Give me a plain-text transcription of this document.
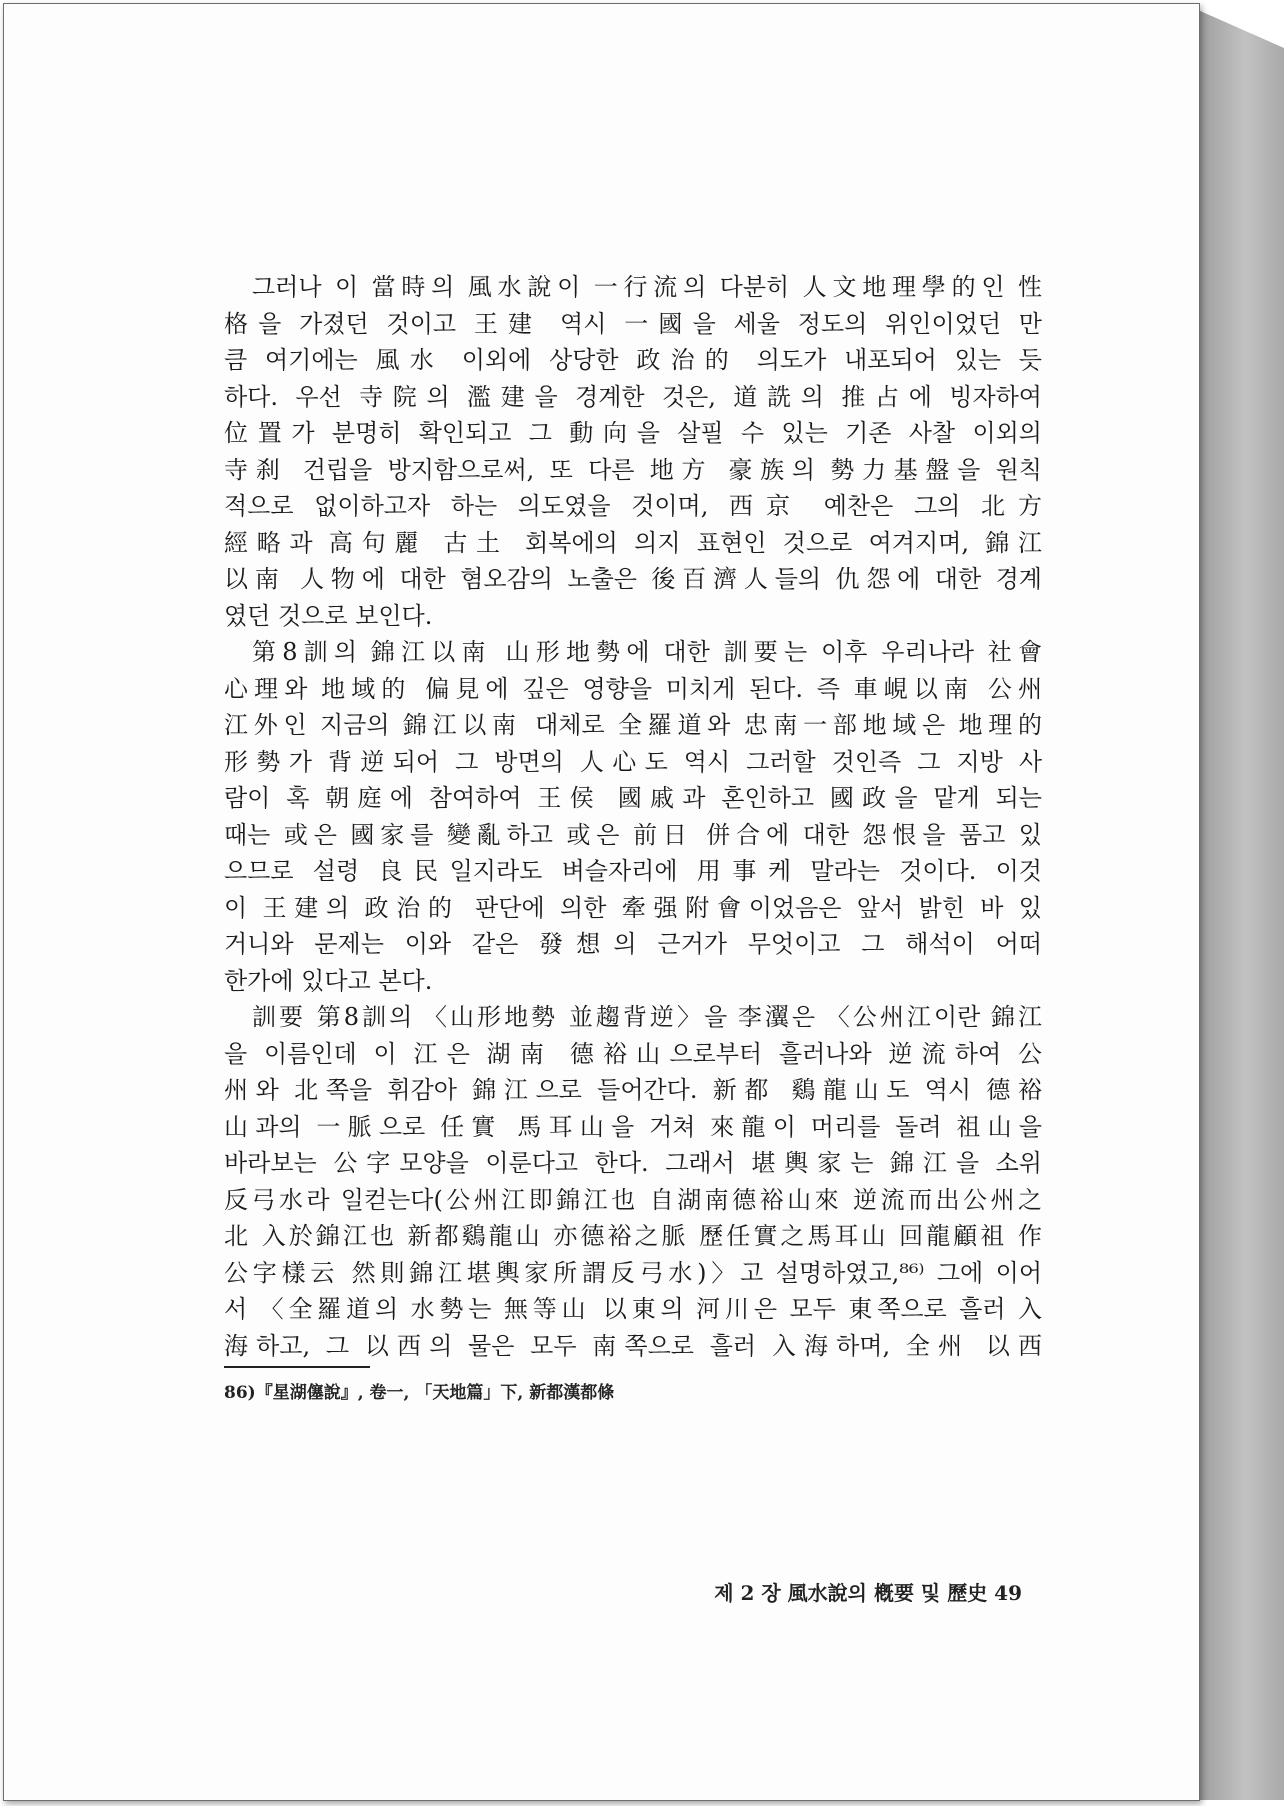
그러나 이 當時의 風水說이 一行流의 다분히 人文地理學的인 性

格을 가졌던 것이고 王建 역시 一國을 세울 정도의 위인이었던 만

큼 여기에는 風水 이외에 상당한 政治的 의도가 내포되어 있는 듯

하다. 우선 寺院의 濫建을 경계한 것은, 道詵의 推占에 빙자하여

位置가 분명히 확인되고 그 動向을 살필 수 있는 기존 사찰 이외의

寺刹 건립을 방지함으로써, 또 다른 地方 豪族의 勢力基盤을 원칙

적으로 없이하고자 하는 의도였을 것이며, 西京 예찬은 그의 北方

經略과 高句麗 古土 회복에의 의지 표현인 것으로 여겨지며, 錦江

以南 人物에 대한 혐오감의 노출은 後百濟人들의 仇怨에 대한 경계

였던 것으로 보인다.

第8訓의 錦江以南 山形地勢에 대한 訓要는 이후 우리나라 社會

心理와 地域的 偏見에 깊은 영향을 미치게 된다. 즉 車峴以南 公州

江外인 지금의 錦江以南 대체로 全羅道와 忠南一部地域은 地理的

形勢가 背逆되어 그 방면의 人心도 역시 그러할 것인즉 그 지방 사

람이 혹 朝庭에 참여하여 王侯 國戚과 혼인하고 國政을 맡게 되는

때는 或은 國家를 變亂하고 或은 前日 併合에 대한 怨恨을 품고 있

으므로 설령 良民일지라도 벼슬자리에 用事케 말라는 것이다. 이것

이 王建의 政治的 판단에 의한 牽强附會이었음은 앞서 밝힌 바 있

거니와 문제는 이와 같은 發想의 근거가 무엇이고 그 해석이 어떠

한가에 있다고 본다.

訓要 第8訓의 〈山形地勢 並趨背逆〉을 李瀷은 〈公州江이란 錦江

을 이름인데 이 江은 湖南 德裕山으로부터 흘러나와 逆流하여 公

州와 北쪽을 휘감아 錦江으로 들어간다. 新都 鷄龍山도 역시 德裕

山과의 一脈으로 任實 馬耳山을 거쳐 來龍이 머리를 돌려 祖山을

바라보는 公字모양을 이룬다고 한다. 그래서 堪輿家는 錦江을 소위

反弓水라 일컫는다(公州江即錦江也 自湖南德裕山來 逆流而出公州之

北 入於錦江也 新都鷄龍山 亦德裕之脈 歷任實之馬耳山 回龍顧祖 作

公字樣云 然則錦江堪輿家所謂反弓水)〉고 설명하였고,⁸⁶⁾ 그에 이어

서 〈全羅道의 水勢는 無等山 以東의 河川은 모두 東쪽으로 흘러 入

海하고, 그 以西의 물은 모두 南쪽으로 흘러 入海하며, 全州 以西

86)『星湖僿說』, 卷一, 「天地篇」下, 新都漢都條
제 2 장 風水說의 槪要 및 歷史 49
